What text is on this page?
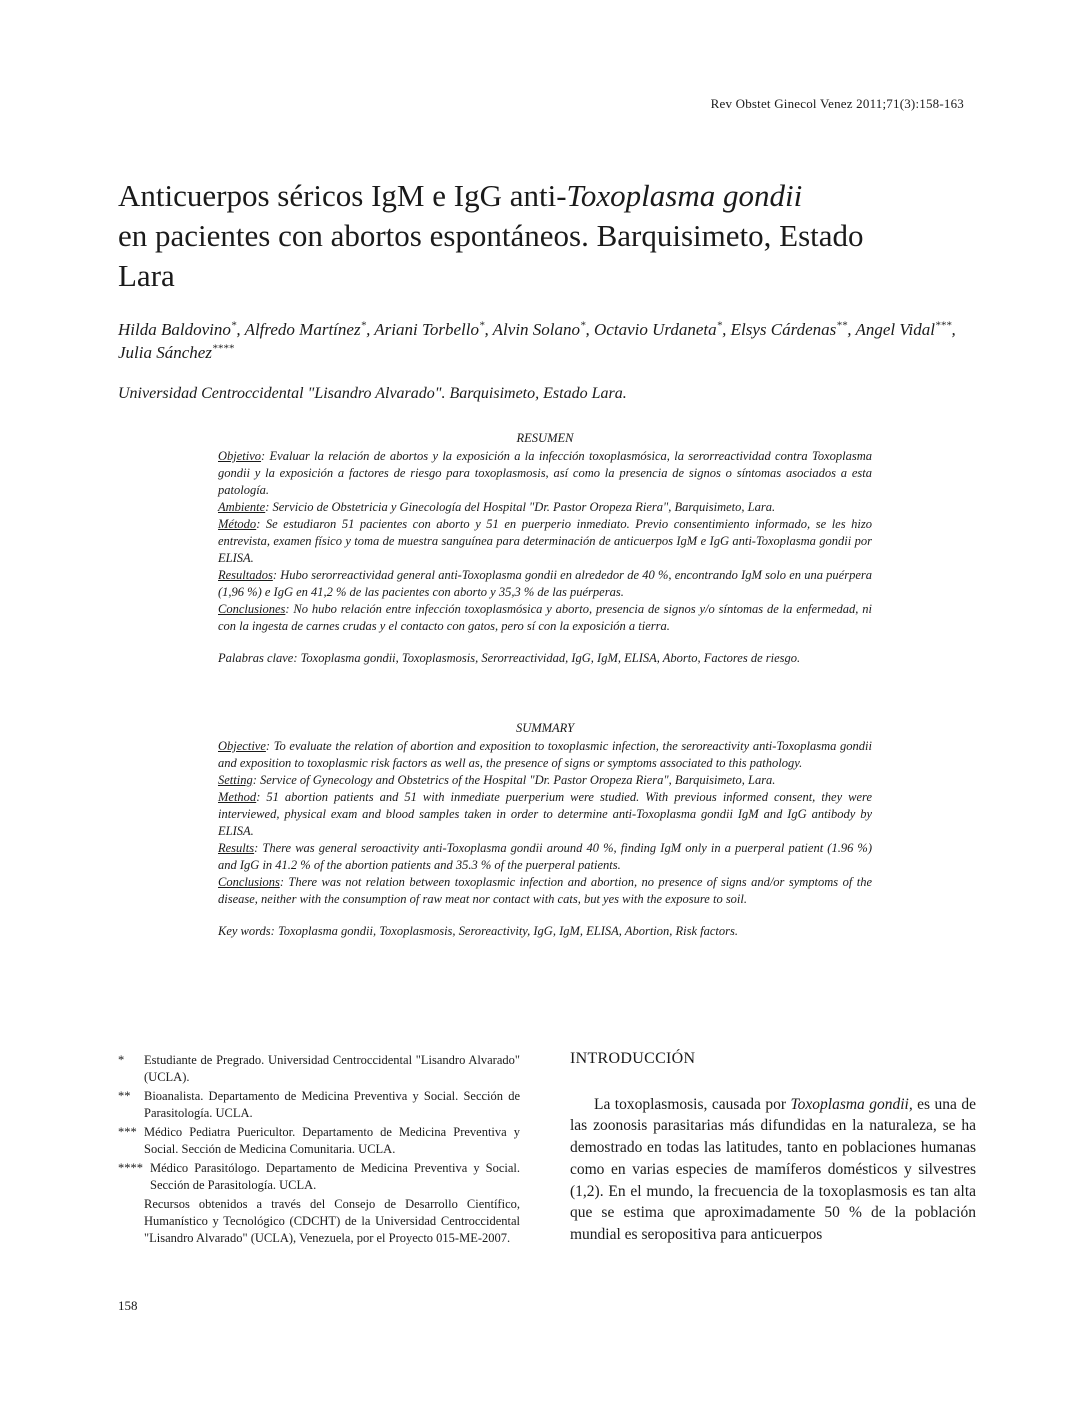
Rev Obstet Ginecol Venez 2011;71(3):158-163
Anticuerpos séricos IgM e IgG anti-Toxoplasma gondii
en pacientes con abortos espontáneos. Barquisimeto, Estado
Lara
Hilda Baldovino*, Alfredo Martínez*, Ariani Torbello*, Alvin Solano*, Octavio Urdaneta*, Elsys Cárdenas**, Angel Vidal***, Julia Sánchez****
Universidad Centroccidental "Lisandro Alvarado". Barquisimeto, Estado Lara.
RESUMEN

Objetivo: Evaluar la relación de abortos y la exposición a la infección toxoplasmósica, la serorreactividad contra Toxoplasma gondii y la exposición a factores de riesgo para toxoplasmosis, así como la presencia de signos o síntomas asociados a esta patología.

Ambiente: Servicio de Obstetricia y Ginecología del Hospital "Dr. Pastor Oropeza Riera", Barquisimeto, Lara.

Método: Se estudiaron 51 pacientes con aborto y 51 en puerperio inmediato. Previo consentimiento informado, se les hizo entrevista, examen físico y toma de muestra sanguínea para determinación de anticuerpos IgM e IgG anti-Toxoplasma gondii por ELISA.

Resultados: Hubo serorreactividad general anti-Toxoplasma gondii en alrededor de 40 %, encontrando IgM solo en una puérpera (1,96 %) e IgG en 41,2 % de las pacientes con aborto y 35,3 % de las puérperas.

Conclusiones: No hubo relación entre infección toxoplasmósica y aborto, presencia de signos y/o síntomas de la enfermedad, ni con la ingesta de carnes crudas y el contacto con gatos, pero sí con la exposición a tierra.

Palabras clave: Toxoplasma gondii, Toxoplasmosis, Serorreactividad, IgG, IgM, ELISA, Aborto, Factores de riesgo.

SUMMARY

Objective: To evaluate the relation of abortion and exposition to toxoplasmic infection, the seroreactivity anti-Toxoplasma gondii and exposition to toxoplasmic risk factors as well as, the presence of signs or symptoms associated to this pathology.

Setting: Service of Gynecology and Obstetrics of the Hospital "Dr. Pastor Oropeza Riera", Barquisimeto, Lara.

Method: 51 abortion patients and 51 with inmediate puerperium were studied. With previous informed consent, they were interviewed, physical exam and blood samples taken in order to determine anti-Toxoplasma gondii IgM and IgG antibody by ELISA.

Results: There was general seroactivity anti-Toxoplasma gondii around 40 %, finding IgM only in a puerperal patient (1.96 %) and IgG in 41.2 % of the abortion patients and 35.3 % of the puerperal patients.

Conclusions: There was not relation between toxoplasmic infection and abortion, no presence of signs and/or symptoms of the disease, neither with the consumption of raw meat nor contact with cats, but yes with the exposure to soil.

Key words: Toxoplasma gondii, Toxoplasmosis, Seroreactivity, IgG, IgM, ELISA, Abortion, Risk factors.

*	Estudiante de Pregrado. Universidad Centroccidental "Lisandro Alvarado" (UCLA).
**	Bioanalista. Departamento de Medicina Preventiva y Social. Sección de Parasitología. UCLA.
*** Médico Pediatra Puericultor. Departamento de Medicina Preventiva y Social. Sección de Medicina Comunitaria. UCLA.
**** Médico Parasitólogo. Departamento de Medicina Preventiva y Social. Sección de Parasitología. UCLA.
Recursos obtenidos a través del Consejo de Desarrollo Científico, Humanístico y Tecnológico (CDCHT) de la Universidad Centroccidental "Lisandro Alvarado" (UCLA), Venezuela, por el Proyecto 015-ME-2007.
INTRODUCCIÓN

La toxoplasmosis, causada por Toxoplasma gondii, es una de las zoonosis parasitarias más difundidas en la naturaleza, se ha demostrado en todas las latitudes, tanto en poblaciones humanas como en varias especies de mamíferos domésticos y silvestres (1,2). En el mundo, la frecuencia de la toxoplasmosis es tan alta que se estima que aproximadamente 50 % de la población mundial es seropositiva para anticuerpos

158
